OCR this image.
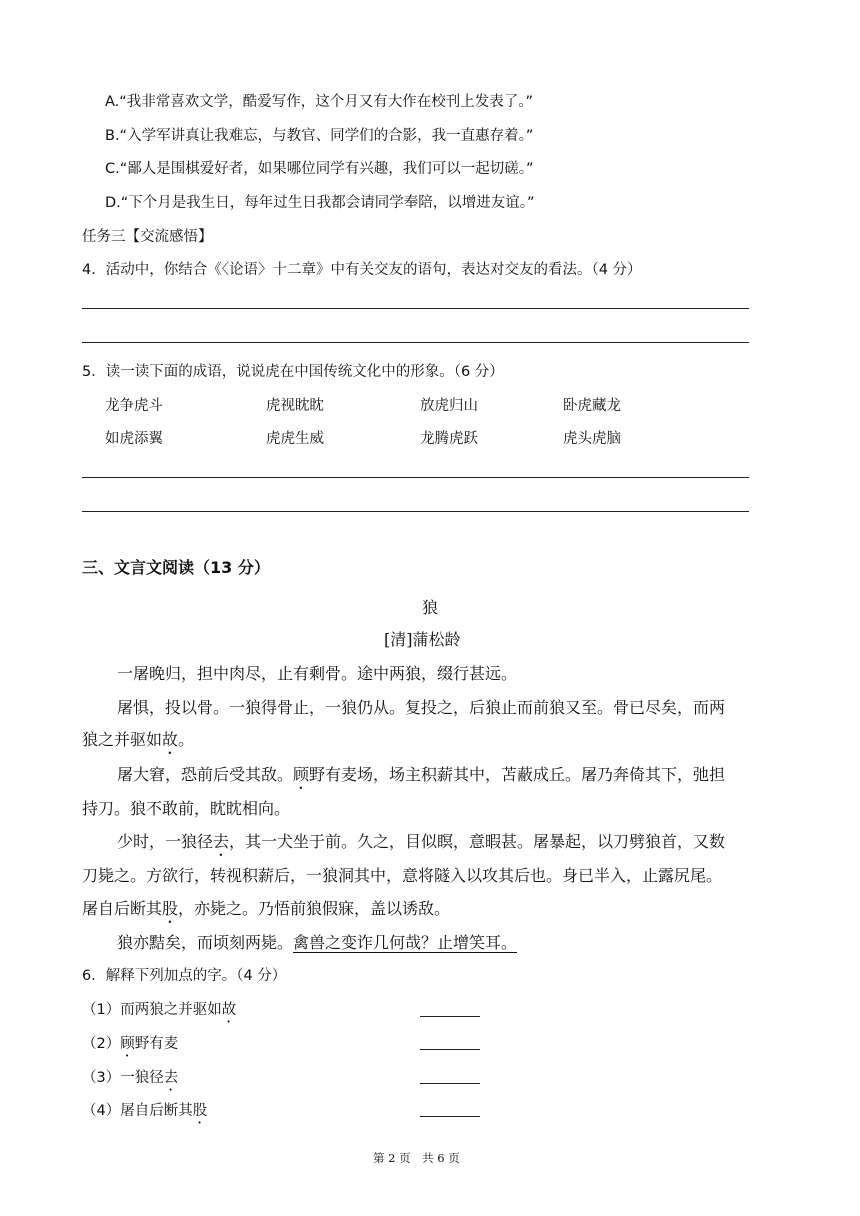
A.“我非常喜欢文学，酷爱写作，这个月又有大作在校刊上发表了。”
B.“入学军讲真让我难忘，与教官、同学们的合影，我一直惠存着。”
C.“鄙人是围棋爱好者，如果哪位同学有兴趣，我们可以一起切磋。”
D.“下个月是我生日，每年过生日我都会请同学奉陪，以增进友谊。”
任务三【交流感悟】
4．活动中，你结合《〈论语〉十二章》中有关交友的语句，表达对交友的看法。（4 分）
5．读一读下面的成语，说说虎在中国传统文化中的形象。（6 分）
龙争虎斗	虎视眈眈	放虎归山	卧虎藏龙
如虎添翼	虎虎生威	龙腾虎跃	虎头虎脑
三、文言文阅读（13 分）
狼
[清]蒲松龄
一屠晚归，担中肉尽，止有剩骨。途中两狼，缀行甚远。
屠惧，投以骨。一狼得骨止，一狼仍从。复投之，后狼止而前狼又至。骨已尽矣，而两
狼之并驱如故。
屠大窘，恐前后受其敌。顾野有麦场，场主积薪其中，苫蔽成丘。屠乃奔倚其下，弛担
持刀。狼不敢前，眈眈相向。
少时，一狼径去，其一犬坐于前。久之，目似瞑，意暇甚。屠暴起，以刀劈狼首，又数
刀毙之。方欲行，转视积薪后，一狼洞其中，意将隧入以攻其后也。身已半入，止露尻尾。
屠自后断其股，亦毙之。乃悟前狼假寐，盖以诱敌。
狼亦黠矣，而顷刻两毙。禽兽之变诈几何哉？止增笑耳。
6．解释下列加点的字。（4 分）
（1）而两狼之并驱如故
（2）顾野有麦
（3）一狼径去
（4）屠自后断其股
第 2 页　共 6 页
